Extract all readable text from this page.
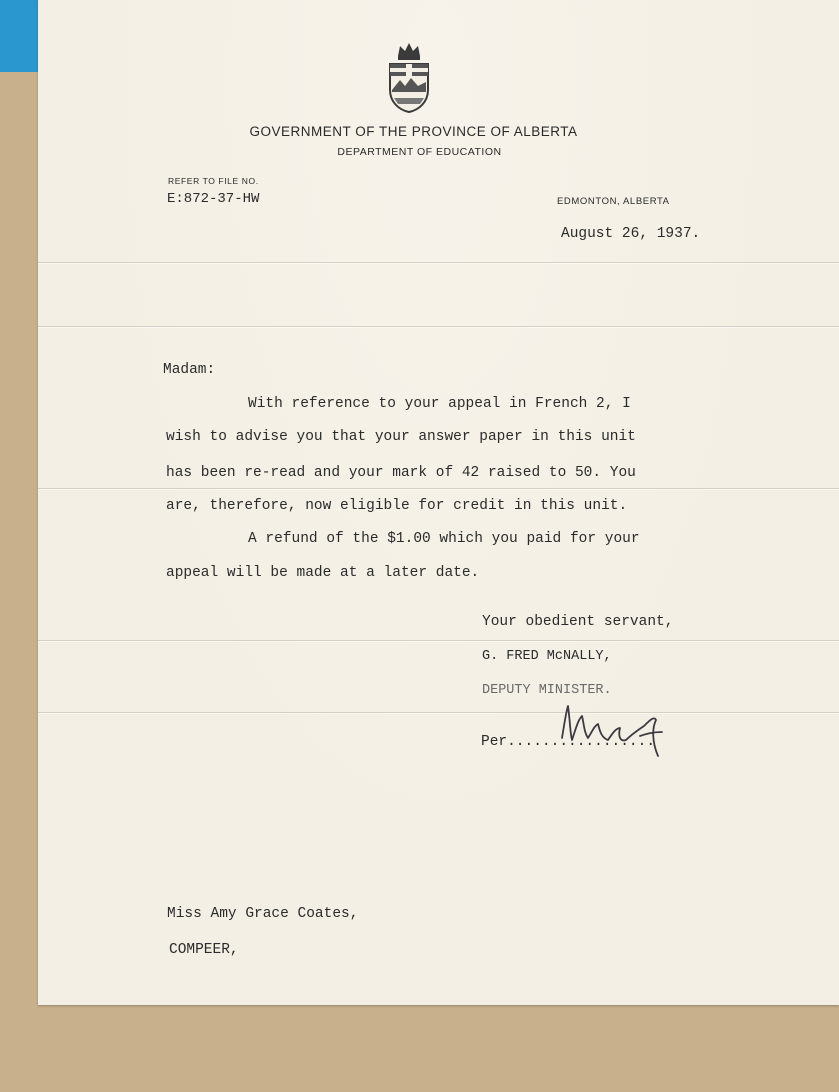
GOVERNMENT OF THE PROVINCE OF ALBERTA
DEPARTMENT OF EDUCATION
REFER TO FILE NO.
E:872-37-HW	EDMONTON, ALBERTA
August 26, 1937.
Madam:
With reference to your appeal in French 2, I
wish to advise you that your answer paper in this unit
has been re-read and your mark of 42 raised to 50. You
are, therefore, now eligible for credit in this unit.
A refund of the $1.00 which you paid for your
appeal will be made at a later date.
Your obedient servant,
G. FRED McNALLY,
DEPUTY MINISTER.
Per.................
Miss Amy Grace Coates,
COMPEER,
